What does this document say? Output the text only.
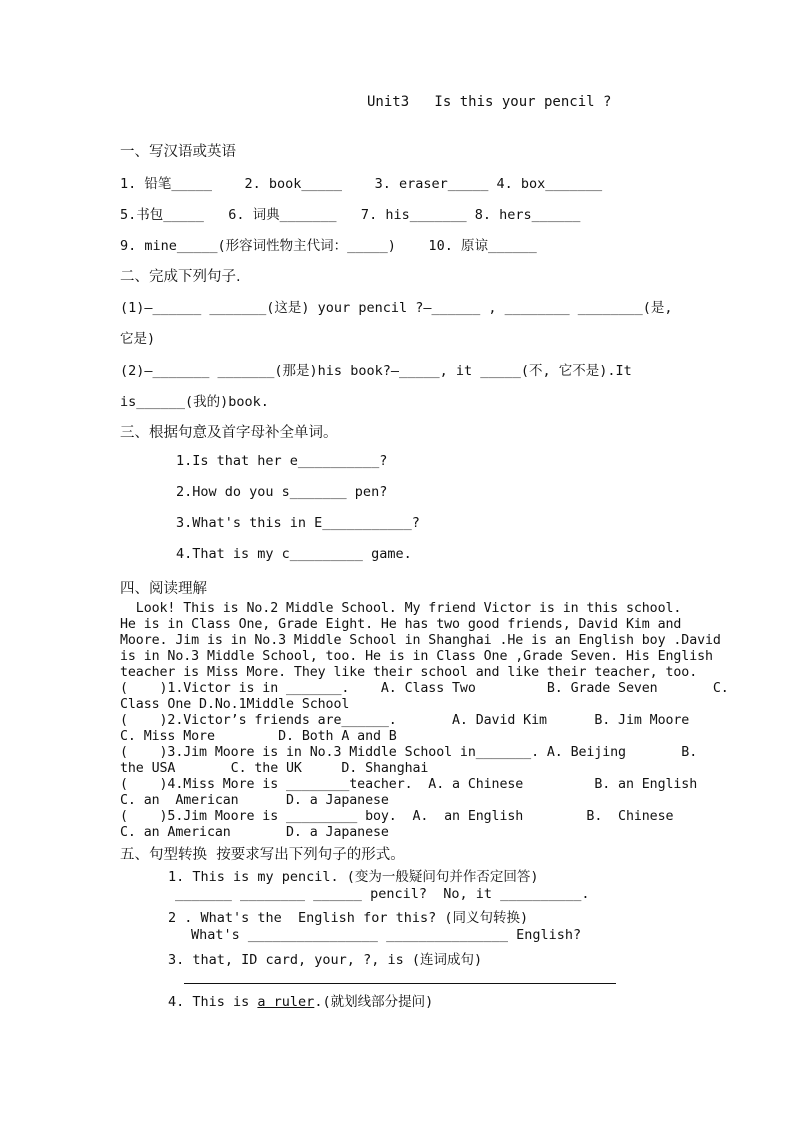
Unit3   Is this your pencil ?
一、写汉语或英语
1. 铅笔_____    2. book_____    3. eraser_____ 4. box_______
5.书包_____   6. 词典_______   7. his_______ 8. hers______
9. mine_____(形容词性物主代词：_____)    10. 原谅______
二、完成下列句子.
(1)—______ _______(这是) your pencil ?—______ , ________ ________(是,
它是)
(2)—_______ _______(那是)his book?—_____, it _____(不, 它不是).It
is______(我的)book.
三、根据句意及首字母补全单词。
1.Is that her e__________?
2.How do you s_______ pen?
3.What's this in E___________?
4.That is my c_________ game.
四、阅读理解
Look! This is No.2 Middle School. My friend Victor is in this school.
He is in Class One, Grade Eight. He has two good friends, David Kim and
Moore. Jim is in No.3 Middle School in Shanghai .He is an English boy .David
is in No.3 Middle School, too. He is in Class One ,Grade Seven. His English
teacher is Miss More. They like their school and like their teacher, too.
(    )1.Victor is in _______.    A. Class Two         B. Grade Seven       C.
Class One D.No.1Middle School
(    )2.Victor’s friends are______.       A. David Kim      B. Jim Moore
C. Miss More        D. Both A and B
(    )3.Jim Moore is in No.3 Middle School in_______. A. Beijing       B.
the USA       C. the UK     D. Shanghai
(    )4.Miss More is ________teacher.  A. a Chinese         B. an English
C. an  American      D. a Japanese
(    )5.Jim Moore is _________ boy.  A.  an English        B.  Chinese
C. an American       D. a Japanese
五、句型转换  按要求写出下列句子的形式。
1. This is my pencil. (变为一般疑问句并作否定回答)
_______ ________ ______ pencil?  No, it __________.
2 . What's the  English for this? (同义句转换)
What's ________________ _______________ English?
3. that, ID card, your, ?, is (连词成句)
4. This is a ruler.(就划线部分提问)
